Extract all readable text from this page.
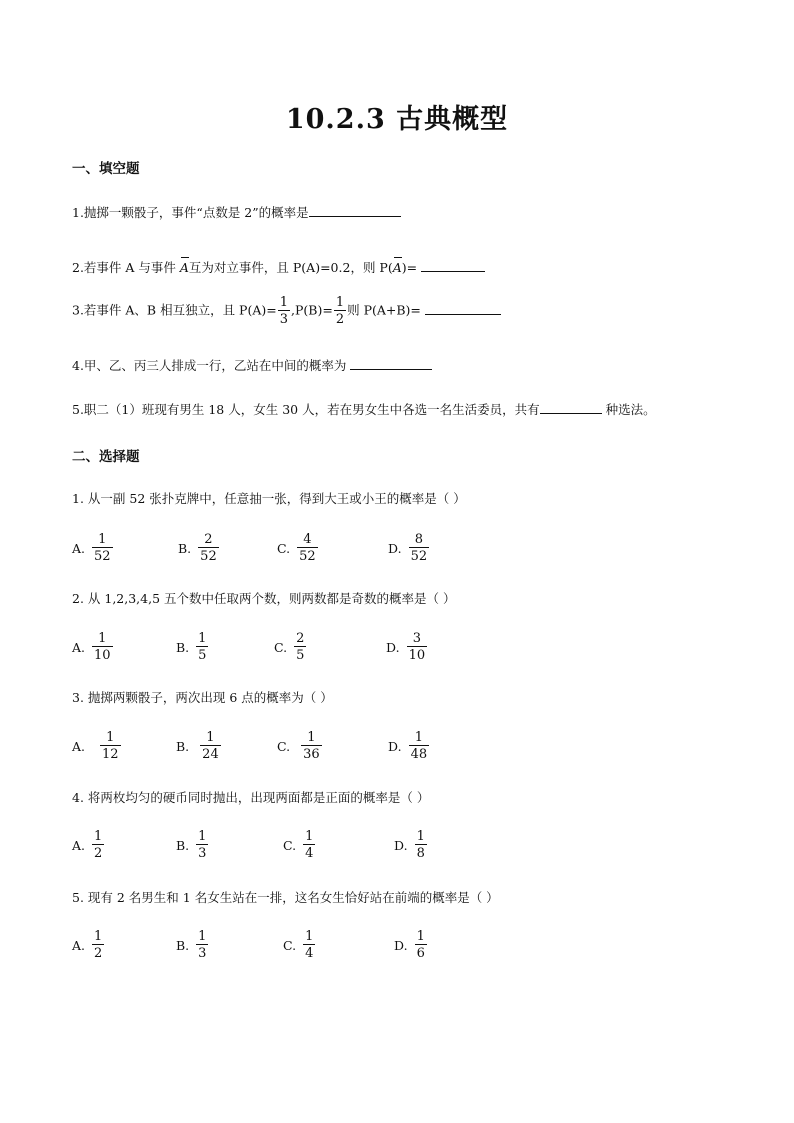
10.2.3 古典概型
一、填空题
1.抛掷一颗骰子，事件“点数是 2”的概率是
2.若事件 A 与事件 A互为对立事件，且 P(A)=0.2，则 P(A)=
3.若事件 A、B 相互独立，且 $P(A)= \frac{1}{3} ,P(B)= \frac{1}{2}$ 则 P(A+B)=
4.甲、乙、丙三人排成一行，乙站在中间的概率为
5.职二（1）班现有男生 18 人，女生 30 人，若在男女生中各选一名生活委员，共有	种选法。
二、选择题
1. 从一副 52 张扑克牌中，任意抽一张，得到大王或小王的概率是（ ）
A. $\frac{1}{52}$	B. $\frac{2}{52}$	C. $\frac{4}{52}$	D. $\frac{8}{52}$
2. 从 1,2,3,4,5 五个数中任取两个数，则两数都是奇数的概率是（ ）
A. $\frac{1}{10}$	B. $\frac{1}{5}$	C. $\frac{2}{5}$	D. $\frac{3}{10}$
3. 抛掷两颗骰子，两次出现 6 点的概率为（ ）
A. $\frac{1}{12}$	B. $\frac{1}{24}$	C. $\frac{1}{36}$	D. $\frac{1}{48}$
4. 将两枚均匀的硬币同时抛出，出现两面都是正面的概率是（ ）
A. $\frac{1}{2}$	B. $\frac{1}{3}$	C. $\frac{1}{4}$	D. $\frac{1}{8}$
5. 现有 2 名男生和 1 名女生站在一排，这名女生恰好站在前端的概率是（ ）
A. $\frac{1}{2}$	B. $\frac{1}{3}$	C. $\frac{1}{4}$	D. $\frac{1}{6}$
